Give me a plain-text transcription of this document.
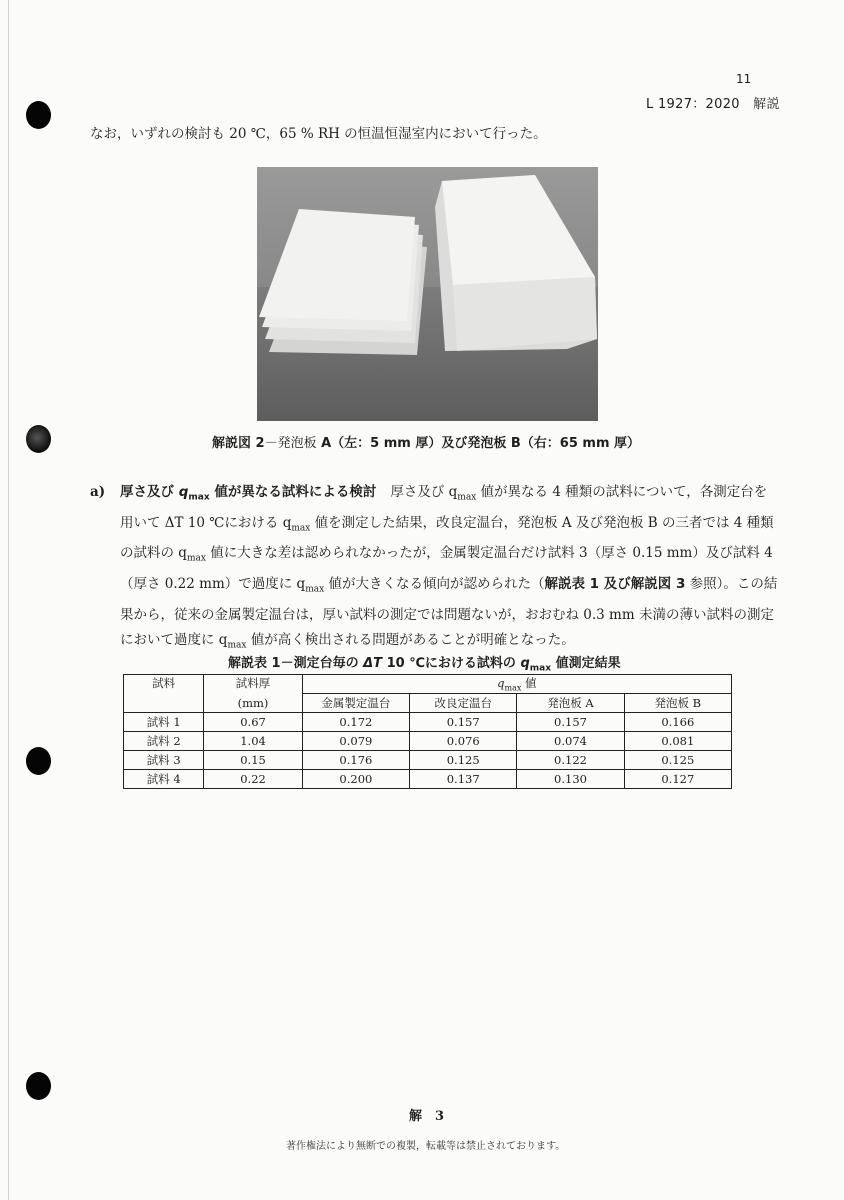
11
L 1927：2020　解説
なお，いずれの検討も 20 ℃，65 % RH の恒温恒湿室内において行った。
解説図 2－発泡板 A（左：5 mm 厚）及び発泡板 B（右：65 mm 厚）
a) 厚さ及び $q_{max}$ 値が異なる試料による検討 厚さ及び $q_{max}$ 値が異なる 4 種類の試料について，各測定台を用いて ΔT 10 ℃における $q_{max}$ 値を測定した結果，改良定温台，発泡板 A 及び発泡板 B の三者では 4 種類の試料の $q_{max}$ 値に大きな差は認められなかったが，金属製定温台だけ試料 3（厚さ 0.15 mm）及び試料 4（厚さ 0.22 mm）で過度に $q_{max}$ 値が大きくなる傾向が認められた（解説表 1 及び解説図 3 参照）。この結果から，従来の金属製定温台は，厚い試料の測定では問題ないが，おおむね 0.3 mm 未満の薄い試料の測定において過度に $q_{max}$ 値が高く検出される問題があることが明確となった。
解説表 1－測定台毎の ΔT 10 ℃における試料の $q_{max}$ 値測定結果
試料	試料厚	$q_{max}$ 値			
	(mm)	金属製定温台	改良定温台	発泡板 A	発泡板 B
試料 1	0.67	0.172	0.157	0.157	0.166
試料 2	1.04	0.079	0.076	0.074	0.081
試料 3	0.15	0.176	0.125	0.122	0.125
試料 4	0.22	0.200	0.137	0.130	0.127
解　3
著作権法により無断での複製，転載等は禁止されております。
